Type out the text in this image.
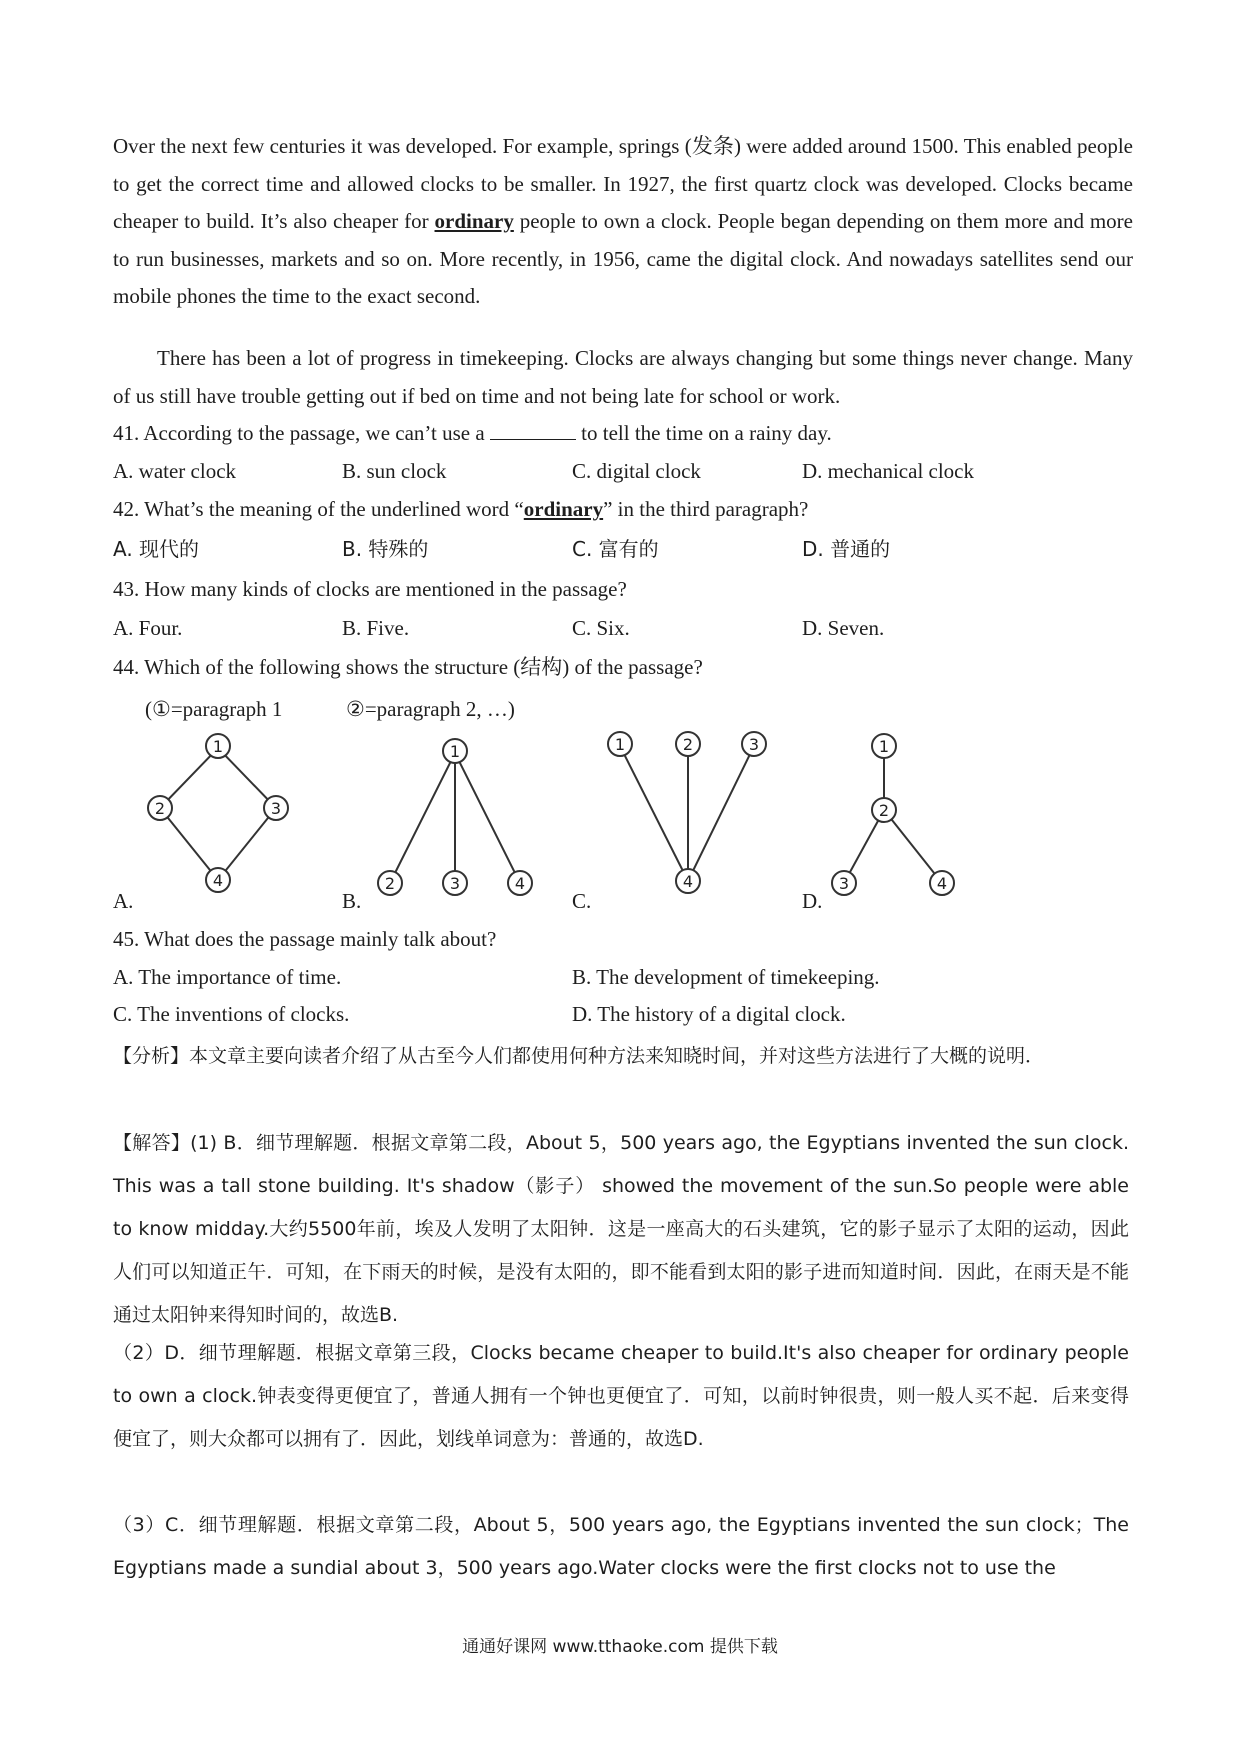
Over the next few centuries it was developed. For example, springs (发条) were added around 1500. This enabled people to get the correct time and allowed clocks to be smaller. In 1927, the first quartz clock was developed. Clocks became cheaper to build. It’s also cheaper for ordinary people to own a clock. People began depending on them more and more to run businesses, markets and so on. More recently, in 1956, came the digital clock. And nowadays satellites send our mobile phones the time to the exact second.

There has been a lot of progress in timekeeping. Clocks are always changing but some things never change. Many of us still have trouble getting out if bed on time and not being late for school or work.

41. According to the passage, we can’t use a	to tell the time on a rainy day.

A. water clock	B. sun clock	C. digital clock	D. mechanical clock

42. What’s the meaning of the underlined word “ordinary” in the third paragraph?

A. 现代的	B. 特殊的	C. 富有的	D. 普通的

43. How many kinds of clocks are mentioned in the passage?

A. Four.	B. Five.	C. Six.	D. Seven.

44. Which of the following shows the structure (结构) of the passage?

(①=paragraph 1	②=paragraph 2, …)

1
2	3
4
1
2	3	4
1	2	3
4
1
2
3	4
A.	B.	C.	D.

45. What does the passage mainly talk about?

A. The importance of time.	B. The development of timekeeping.

C. The inventions of clocks.	D. The history of a digital clock.

【分析】本文章主要向读者介绍了从古至今人们都使用何种方法来知晓时间，并对这些方法进行了大概的说明．

【解答】(1) B．细节理解题．根据文章第二段，About 5，500 years ago, the Egyptians invented the sun clock. This was a tall stone building. It's shadow（影子） showed the movement of the sun.So people were able to know midday.大约5500年前，埃及人发明了太阳钟．这是一座高大的石头建筑，它的影子显示了太阳的运动，因此人们可以知道正午．可知，在下雨天的时候，是没有太阳的，即不能看到太阳的影子进而知道时间．因此，在雨天是不能通过太阳钟来得知时间的，故选B.

（2）D．细节理解题．根据文章第三段，Clocks became cheaper to build.It's also cheaper for ordinary people to own a clock.钟表变得更便宜了，普通人拥有一个钟也更便宜了．可知，以前时钟很贵，则一般人买不起．后来变得便宜了，则大众都可以拥有了．因此，划线单词意为：普通的，故选D.

（3）C．细节理解题．根据文章第二段，About 5，500 years ago, the Egyptians invented the sun clock；The Egyptians made a sundial about 3，500 years ago.Water clocks were the first clocks not to use the

通通好课网 www.tthaoke.com 提供下载
